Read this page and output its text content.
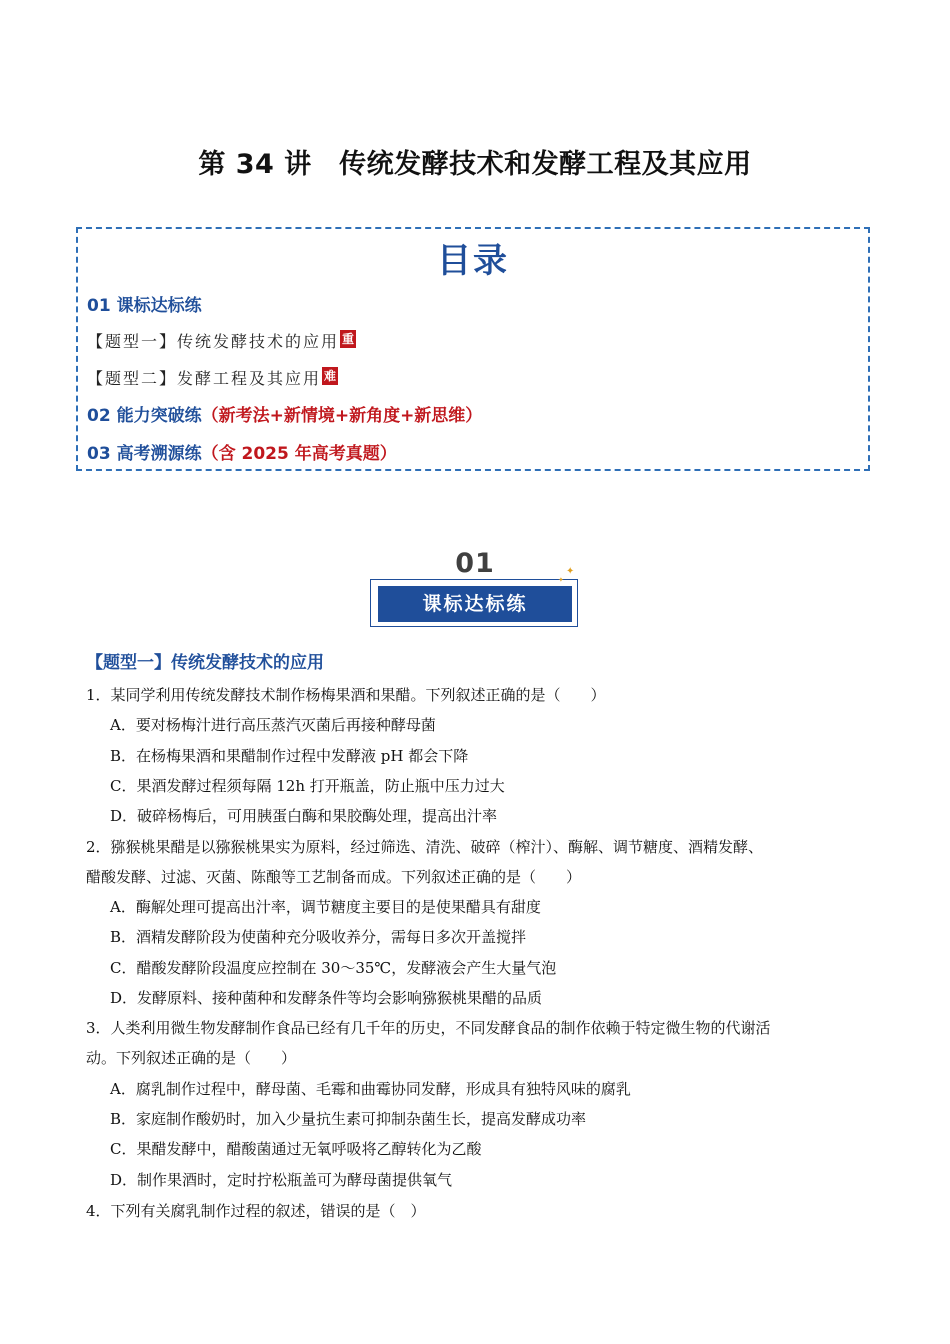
第 34 讲　传统发酵技术和发酵工程及其应用
目录
01 课标达标练
【题型一】传统发酵技术的应用 重
【题型二】发酵工程及其应用 难
02 能力突破练（新考法+新情境+新角度+新思维）
03 高考溯源练（含 2025 年高考真题）
01
课标达标练
✦
✦
【题型一】传统发酵技术的应用
1．某同学利用传统发酵技术制作杨梅果酒和果醋。下列叙述正确的是（　　）
A．要对杨梅汁进行高压蒸汽灭菌后再接种酵母菌
B．在杨梅果酒和果醋制作过程中发酵液 pH 都会下降
C．果酒发酵过程须每隔 12h 打开瓶盖，防止瓶中压力过大
D．破碎杨梅后，可用胰蛋白酶和果胶酶处理，提高出汁率
2．猕猴桃果醋是以猕猴桃果实为原料，经过筛选、清洗、破碎（榨汁）、酶解、调节糖度、酒精发酵、
醋酸发酵、过滤、灭菌、陈酿等工艺制备而成。下列叙述正确的是（　　）
A．酶解处理可提高出汁率，调节糖度主要目的是使果醋具有甜度
B．酒精发酵阶段为使菌种充分吸收养分，需每日多次开盖搅拌
C．醋酸发酵阶段温度应控制在 30～35℃，发酵液会产生大量气泡
D．发酵原料、接种菌种和发酵条件等均会影响猕猴桃果醋的品质
3．人类利用微生物发酵制作食品已经有几千年的历史，不同发酵食品的制作依赖于特定微生物的代谢活
动。下列叙述正确的是（　　）
A．腐乳制作过程中，酵母菌、毛霉和曲霉协同发酵，形成具有独特风味的腐乳
B．家庭制作酸奶时，加入少量抗生素可抑制杂菌生长，提高发酵成功率
C．果醋发酵中，醋酸菌通过无氧呼吸将乙醇转化为乙酸
D．制作果酒时，定时拧松瓶盖可为酵母菌提供氧气
4．下列有关腐乳制作过程的叙述，错误的是（　）
